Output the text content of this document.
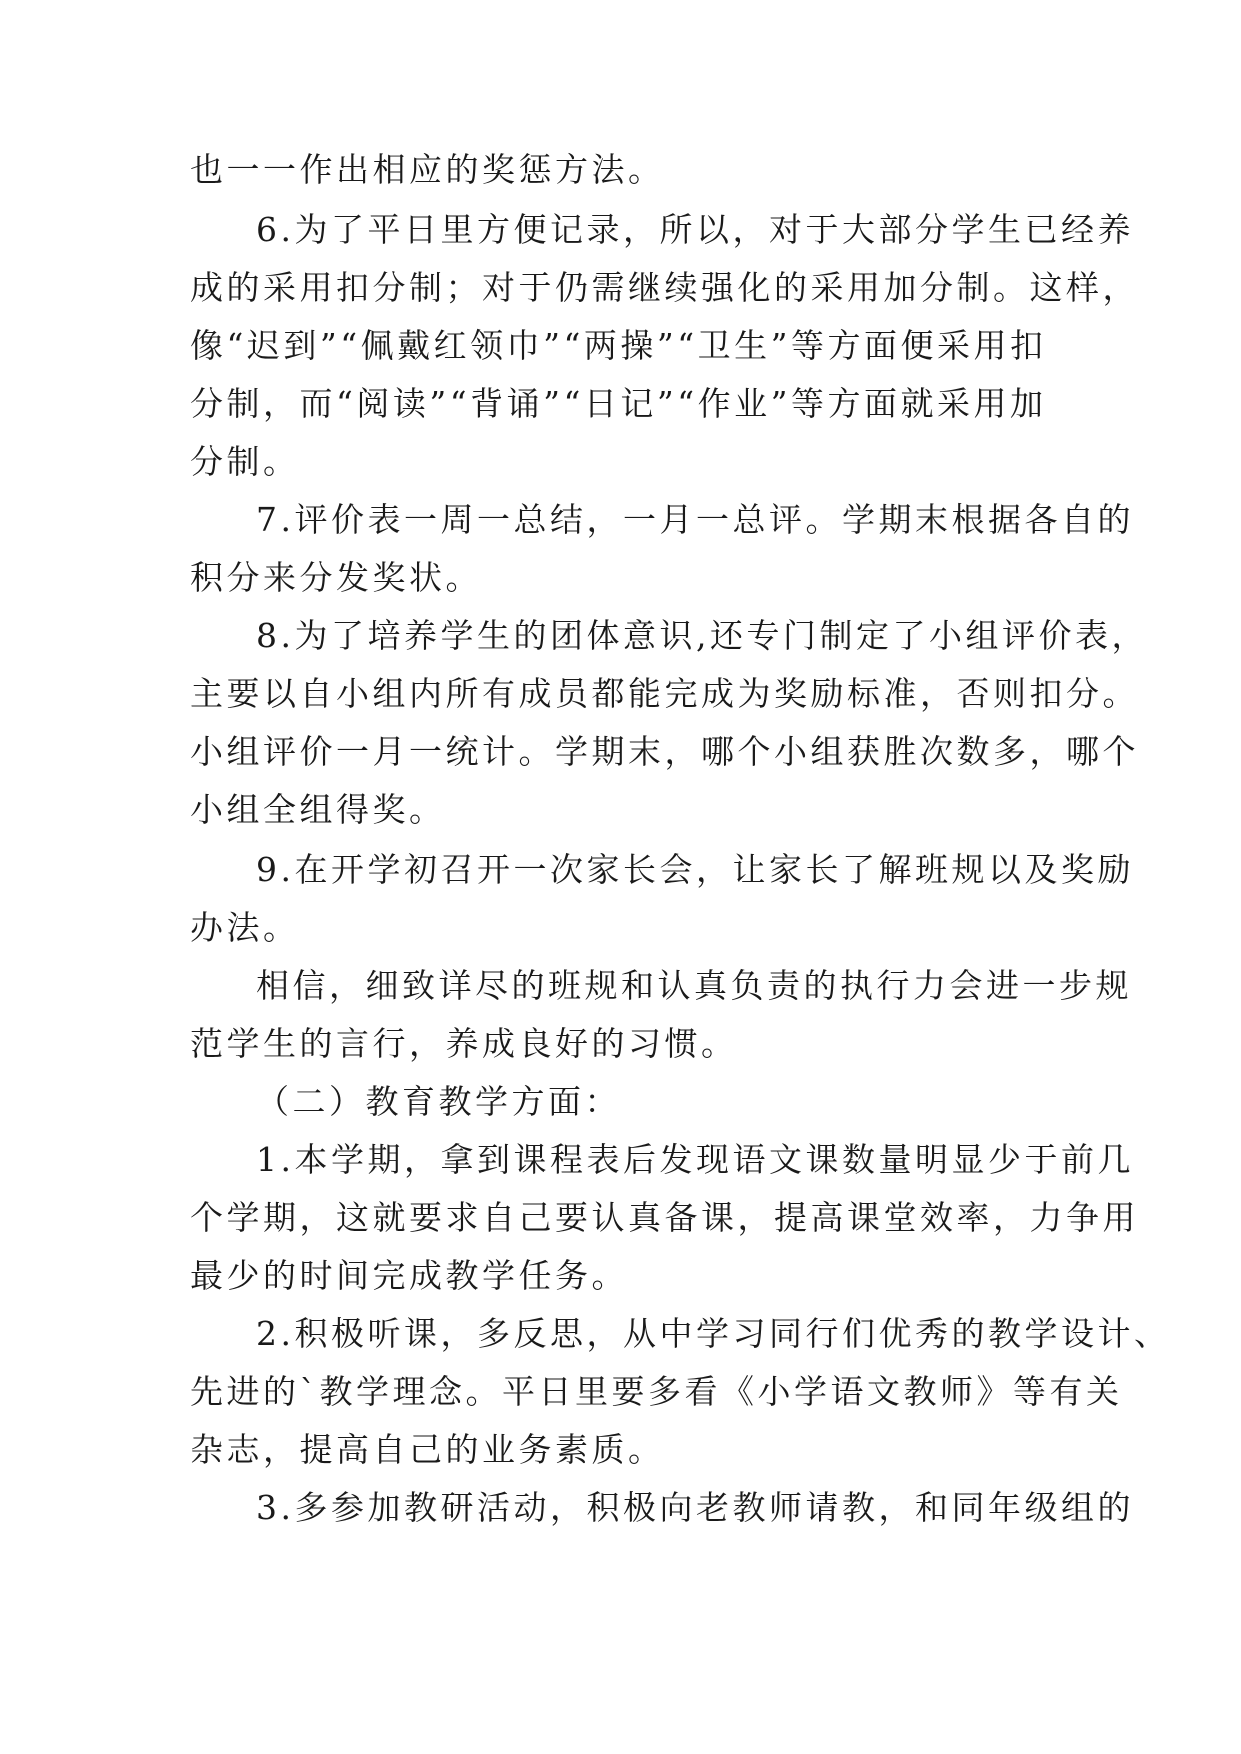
也一一作出相应的奖惩方法。

6.为了平日里方便记录，所以，对于大部分学生已经养

成的采用扣分制；对于仍需继续强化的采用加分制。这样，

像“迟到”“佩戴红领巾”“两操”“卫生”等方面便采用扣

分制，而“阅读”“背诵”“日记”“作业”等方面就采用加

分制。

7.评价表一周一总结，一月一总评。学期末根据各自的

积分来分发奖状。

8.为了培养学生的团体意识,还专门制定了小组评价表，

主要以自小组内所有成员都能完成为奖励标准，否则扣分。

小组评价一月一统计。学期末，哪个小组获胜次数多，哪个

小组全组得奖。

9.在开学初召开一次家长会，让家长了解班规以及奖励

办法。

相信，细致详尽的班规和认真负责的执行力会进一步规

范学生的言行，养成良好的习惯。

（二）教育教学方面：

1.本学期，拿到课程表后发现语文课数量明显少于前几

个学期，这就要求自己要认真备课，提高课堂效率，力争用

最少的时间完成教学任务。

2.积极听课，多反思，从中学习同行们优秀的教学设计、

先进的`教学理念。平日里要多看《小学语文教师》等有关

杂志，提高自己的业务素质。

3.多参加教研活动，积极向老教师请教，和同年级组的
